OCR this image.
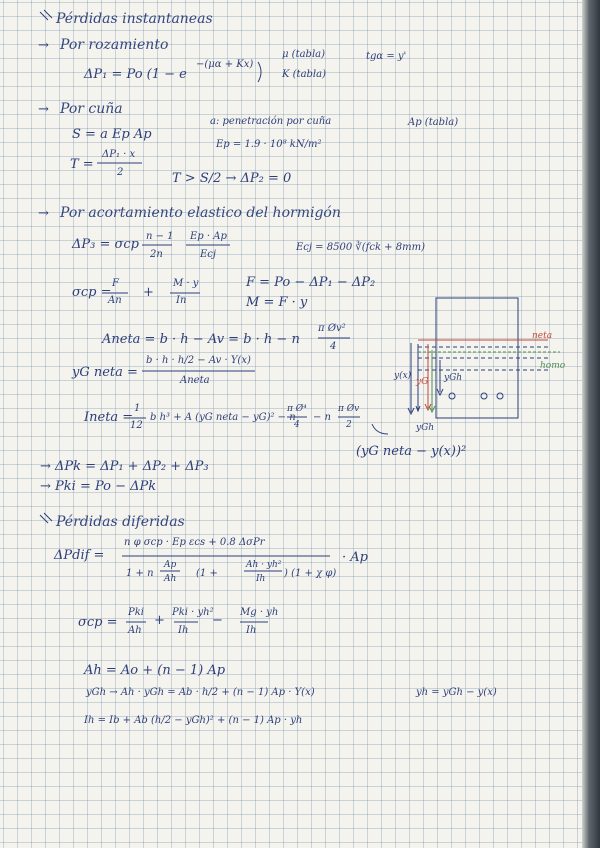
Pérdidas instantaneas
→ Por rozamiento
ΔP₁ = Po (1 − e
−(μα + Kx)
μ (tabla)
K (tabla)
tgα = y'
→ Por cuña
S = a Ep Ap
a: penetración por cuña	Ap (tabla)
Ep = 1.9 · 10⁸ kN/m²
T =
ΔP₁ · x
2	T > S/2 → ΔP₂ = 0
→ Por acortamiento elastico del hormigón
ΔP₃ = σcp
n − 1
2n
Ep · Ap
Ecj
Ecj = 8500 ∛(fck + 8mm)
σcp =
F
An
+
M · y
In
F = Po − ΔP₁ − ΔP₂
M = F · y
Aneta = b · h − Av = b · h − n
π Øv²
4
yG neta =
b · h · h/2 − Av · Y(x)
Aneta
Ineta =
1
12
b h³ + A (yG neta − yG)² − n
π Ø⁴
4
− n
π Øv
2
(yG neta − y(x))²
→ ΔPk = ΔP₁ + ΔP₂ + ΔP₃
→ Pki = Po − ΔPk
neta
homo
y(x)
yG yGh
yGh
Pérdidas diferidas
ΔPdif =
n φ σcp · Ep εcs + 0.8 ΔσPr
1 + n
Ap
Ah (1 +
Ah · yh²
Ih ) (1 + χ φ)
· Ap
σcp =
Pki
Ah
+
Pki · yh²
Ih
−
Mg · yh
Ih
Ah = Ao + (n − 1) Ap
yGh → Ah · yGh = Ab · h/2 + (n − 1) Ap · Y(x)	yh = yGh − y(x)
Ih = Ib + Ab (h/2 − yGh)² + (n − 1) Ap · yh
